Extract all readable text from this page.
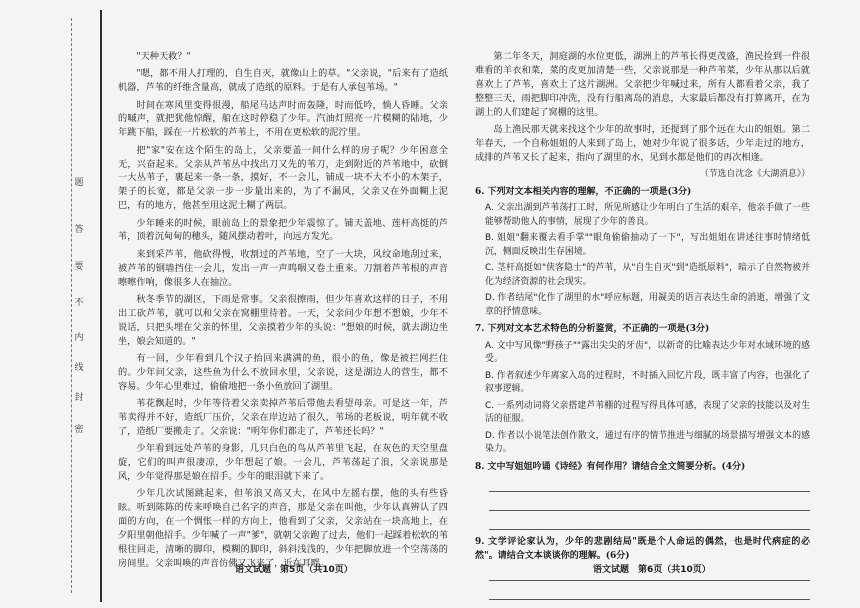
题
答
要
不
内
线
封
密

"天种天救？"

"嗯，都不用人打理的，自生自灭，就像山上的草。"父亲说，"后来有了造纸机器，芦苇的纤维含量高，就成了造纸的原料。于是有人承包苇场。"

时间在寒风里变得很漫，船尾马达声时而轰隆，时而低吟，惝人昏睡。父亲的嘁声，就把犹他惊醒，船在这时停稳了少年。汽油灯照亮一片模糊的陆地，少年跳下船，踩在一片松软的芦苇上，不用在更松软的泥泞里。

把"家"安在这个陌生的岛上，父亲要盖一间什么样的房子呢？少年困意全无，兴奋起来。父亲从芦苇丛中找出刀又先的苇刀，走到附近的芦苇地中，砍倒一大丛苇子，裹起来一条一条，摸好，不一会儿，铺成一块不大不小的木架子，架子的长宽，都是父亲一步一步量出来的，为了不漏风，父亲又在外面糊上泥巴，有的地方，他甚至用这泥土糊了两层。

少年睡来的时候，眼前岛上的景象把少年震惊了。铺天盖地、莲杆高挺的芦苇，顶着沉甸甸的穗头，随风摆动着叶，向远方发光。

来到采芦苇，他砍得慢，收割过的芦苇地，空了一大块，风纹命地刮过来，被芦苇的钢墙挡住一会儿，发出一声一声鸣咽又卷土重来。刀割着芦苇根的声音嚓嚓作响，像很多人在抽泣。

秋冬季节的湖区，下雨是常事。父亲很擦雨，但少年喜欢这样的日子，不用出工砍芦苇，就可以和父亲在窝棚里待着。一天，父亲问少年想不想娘，少年不说话，只把头埋在父亲的怀里，父亲摸着少年的头说："想娘的时候，就去湖边坐坐，娘会知道的。"

有一回，少年看到几个汉子抬回来满满的鱼，很小的鱼，像是被拦网拦住的。少年问父亲，这些鱼为什么不放回水里，父亲说，这是湖边人的营生，都不容易。少年心里难过，偷偷地把一条小鱼放回了湖里。

苇花飘起时，少年等待着父亲卖掉芦苇后带他去看望母亲。可是这一年，芦苇卖得并不好，造纸厂压价，父亲在岸边站了很久，苇场的老板说，明年就不收了，造纸厂要搬走了。父亲说："明年你们都走了，芦苇还长吗？"

少年看到远处芦苇的身影，几只白色的鸟从芦苇里飞起，在灰色的天空里盘旋，它们的叫声很凄凉，少年想起了娘。一会儿，芦苇荡起了浪，父亲说那是风，少年觉得那是娘在招手。少年的眼泪就下来了。

少年几次试图跳起来，但苇浪又高又大，在风中左摇右摆，他的头有些昏眩。听到陈陈的传来呼唤自己名字的声音，那是父亲在叫他，少年认真辨认了四面的方向，在一个惆怅一样的方向上，他看到了父亲，父亲站在一块高地上，在夕阳里朝他招手。少年喊了一声"爹"，就朝父亲跑了过去，他们一起踩着松软的苇根往回走，清晰的脚印，模糊的脚印，斜斜浅浅的，少年把脚放进一个空荡荡的房间里。父亲叫唤的声音仿佛又飞来了，近在耳畔。

语文试题　第5页（共10页）

第二年冬天，洞庭湖的水位更低，湖洲上的芦苇长得更茂盛，渔民捡到一件很难看的羊衣和菜，菜的皮更加清楚一些，父亲说那是一种芦苇菜，少年从那以后就喜欢上了芦苇，喜欢上了这片湖洲。父亲把少年喊过来，所有人都看着父亲，我了整整三天，雨把脚印冲洗，没有行船离岛的消息，大家最后都没有打算离开，在为湖上的人们建起了窝棚的这里。

岛上渔民那天就来找这个少年的故事时，还提到了那个远在大山的姐姐。第二年春天，一个自称姐姐的人来到了岛上，她对少年说了很多话，少年走过的地方，成排的芦苇又长了起来，指向了湖里的水，见到水都是他们的再次相逢。

（节选自沈念《大湖消息》）
6. 下列对文本相关内容的理解，不正确的一项是(3分)
A. 父亲出湖到芦苇荡打工时，所见所感让少年明白了生活的艰辛，他亲手做了一些能够帮助他人的事情，展现了少年的善良。
B. 姐姐"翻来覆去看手掌""眼角偷偷抽动了一下"，写出姐姐在讲述往事时情绪低沉，侧面反映出生存困境。
C. 茎杆高挺如"侠客隐士"的芦苇，从"自生自灭"到"造纸原料"，暗示了自然物被并化为经济资源的社会现实。
D. 作者结尾"化作了湖里的水"呼应标题，用凝美的语言表达生命的消逝，增强了文章的抒情意味。
7. 下列对文本艺术特色的分析鉴赏，不正确的一项是(3分)
A. 文中写风像"野孩子""露出尖尖的牙齿"，以新奇的比喻表达少年对水域环境的感受。
B. 作者叙述少年离家入岛的过程时，不时插入回忆片段，既丰富了内容，也强化了叙事逻辑。
C. 一系列动词将父亲搭建芦苇棚的过程写得具体可感，表现了父亲的技能以及对生活的征服。
D. 作者以小说笔法创作散文，通过有序的情节推进与细腻的场景描写增强文本的感染力。
8. 文中写姐姐吟诵《诗经》有何作用？请结合全文简要分析。(4分)
9. 文学评论家认为，少年的悲剧结局"既是个人命运的偶然，也是时代病症的必然"。请结合文本谈谈你的理解。(6分)
语文试题　第6页（共10页）
